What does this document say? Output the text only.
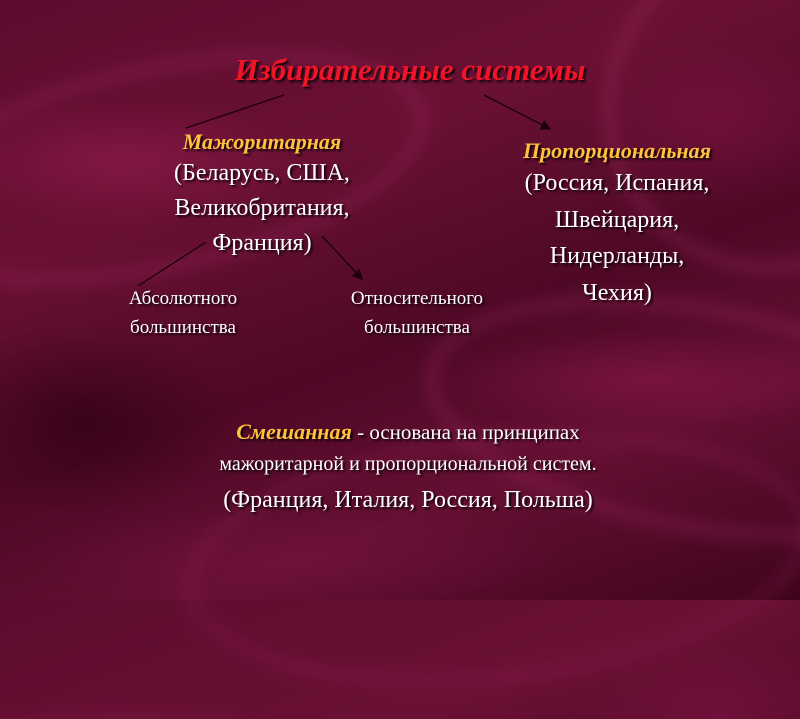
Избирательные системы
Мажоритарная
(Беларусь, США,
Великобритания,
Франция)
Пропорциональная
(Россия, Испания,
Швейцария,
Нидерланды,
Чехия)
Абсолютного
большинства
Относительного
большинства
Смешанная - основана на принципах
мажоритарной и пропорциональной систем.
(Франция, Италия, Россия, Польша)
